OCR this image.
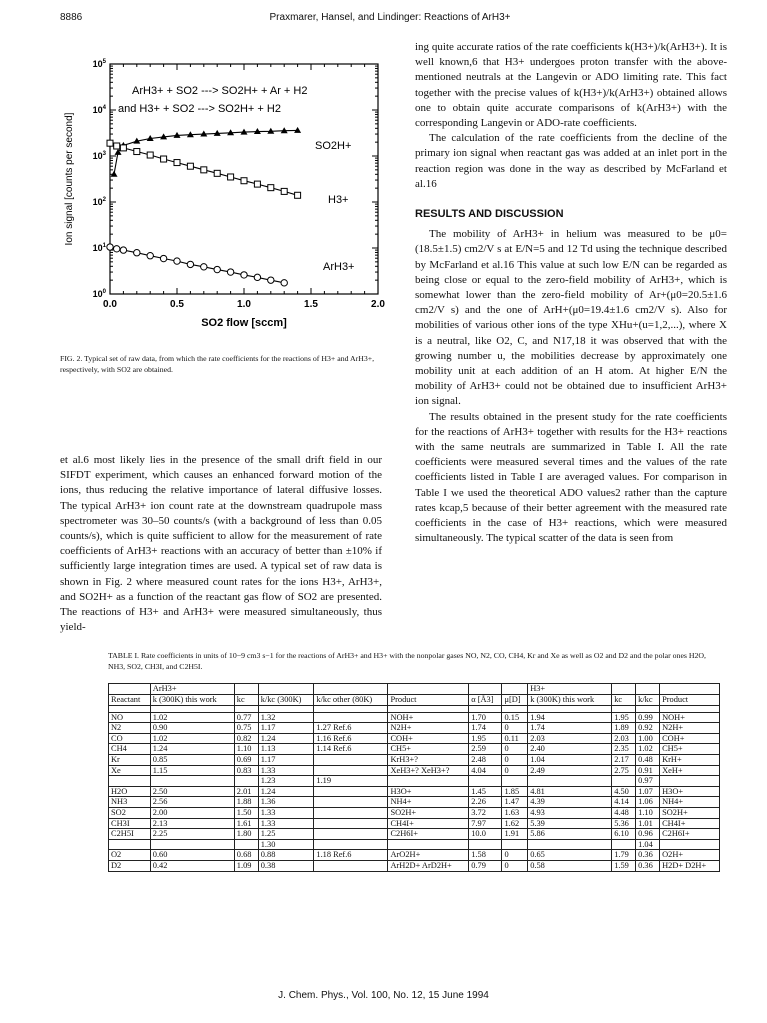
8886	Praxmarer, Hansel, and Lindinger: Reactions of ArH3+
0.0	0.5	1.0	1.5	2.0
$10^0$
$10^1$
$10^2$
$10^3$
$10^4$
$10^5$
SO2 flow [sccm]
Ion signal [counts per second]
ArH3+ + SO2 ---> SO2H+ + Ar + H2
and H3+ + SO2 ---> SO2H+ + H2
SO2H+
H3+
ArH3+
FIG. 2. Typical set of raw data, from which the rate coefficients for the reactions of H3+ and ArH3+, respectively, with SO2 are obtained.

et al.6 most likely lies in the presence of the small drift field in our SIFDT experiment, which causes an enhanced forward motion of the ions, thus reducing the relative importance of lateral diffusive losses. The typical ArH3+ ion count rate at the downstream quadrupole mass spectrometer was 30–50 counts/s (with a background of less than 0.05 counts/s), which is quite sufficient to allow for the measurement of rate coefficients of ArH3+ reactions with an accuracy of better than ±10% if sufficiently large integration times are used. A typical set of raw data is shown in Fig. 2 where measured count rates for the ions H3+, ArH3+, and SO2H+ as a function of the reactant gas flow of SO2 are presented. The reactions of H3+ and ArH3+ were measured simultaneously, thus yield-

ing quite accurate ratios of the rate coefficients k(H3+)/k(ArH3+). It is well known,6 that H3+ undergoes proton transfer with the above-mentioned neutrals at the Langevin or ADO limiting rate. This fact together with the precise values of k(H3+)/k(ArH3+) obtained allows one to obtain quite accurate comparisons of k(ArH3+) with the corresponding Langevin or ADO-rate coefficients.

The calculation of the rate coefficients from the decline of the primary ion signal when reactant gas was added at an inlet port in the reaction region was done in the way as described by McFarland et al.16

RESULTS AND DISCUSSION

The mobility of ArH3+ in helium was measured to be μ0=(18.5±1.5) cm2/V s at E/N=5 and 12 Td using the technique described by McFarland et al.16 This value at such low E/N can be regarded as being close or equal to the zero-field mobility of ArH3+, which is somewhat lower than the zero-field mobility of Ar+(μ0=20.5±1.6 cm2/V s) and the one of ArH+(μ0=19.4±1.6 cm2/V s). Also for mobilities of various other ions of the type XHu+(u=1,2,...), where X is a neutral, like O2, C, and N17,18 it was observed that with the growing number u, the mobilities decrease by approximately one mobility unit at each addition of an H atom. At higher E/N the mobility of ArH3+ could not be obtained due to insufficient ArH3+ ion signal.

The results obtained in the present study for the rate coefficients for the reactions of ArH3+ together with results for the H3+ reactions with the same neutrals are summarized in Table I. All the rate coefficients were measured several times and the values of the rate coefficients listed in Table I are averaged values. For comparison in Table I we used the theoretical ADO values2 rather than the capture rates kcap,5 because of their better agreement with the measured rate coefficients in the case of H3+ reactions, which were measured simultaneously. The typical scatter of the data is seen from

TABLE I. Rate coefficients in units of 10−9 cm3 s−1 for the reactions of ArH3+ and H3+ with the nonpolar gases NO, N2, CO, CH4, Kr and Xe as well as O2 and D2 and the polar ones H2O, NH3, SO2, CH3I, and C2H5I.
	ArH3+							H3+			
Reactant	k (300K) this work	kc	k/kc (300K)	k/kc other (80K)	Product	α [Å3]	μ[D]	k (300K) this work	kc	k/kc	Product

NO	1.02	0.77	1.32		NOH+	1.70	0.15	1.94	1.95	0.99	NOH+
N2	0.90	0.75	1.17	1.27 Ref.6	N2H+	1.74	0	1.74	1.89	0.92	N2H+
CO	1.02	0.82	1.24	1.16 Ref.6	COH+	1.95	0.11	2.03	2.03	1.00	COH+
CH4	1.24	1.10	1.13	1.14 Ref.6	CH5+	2.59	0	2.40	2.35	1.02	CH5+
Kr	0.85	0.69	1.17		KrH3+?	2.48	0	1.04	2.17	0.48	KrH+
Xe	1.15	0.83	1.33		XeH3+? XeH3+?	4.04	0	2.49	2.75	0.91	XeH+
			1.23	1.19						0.97	
H2O	2.50	2.01	1.24		H3O+	1.45	1.85	4.81	4.50	1.07	H3O+
NH3	2.56	1.88	1.36		NH4+	2.26	1.47	4.39	4.14	1.06	NH4+
SO2	2.00	1.50	1.33		SO2H+	3.72	1.63	4.93	4.48	1.10	SO2H+
CH3I	2.13	1.61	1.33		CH4I+	7.97	1.62	5.39	5.36	1.01	CH4I+
C2H5I	2.25	1.80	1.25		C2H6I+	10.0	1.91	5.86	6.10	0.96	C2H6I+
			1.30							1.04	
O2	0.60	0.68	0.88	1.18 Ref.6	ArO2H+	1.58	0	0.65	1.79	0.36	O2H+
D2	0.42	1.09	0.38		ArH2D+ ArD2H+	0.79	0	0.58	1.59	0.36	H2D+ D2H+
J. Chem. Phys., Vol. 100, No. 12, 15 June 1994
